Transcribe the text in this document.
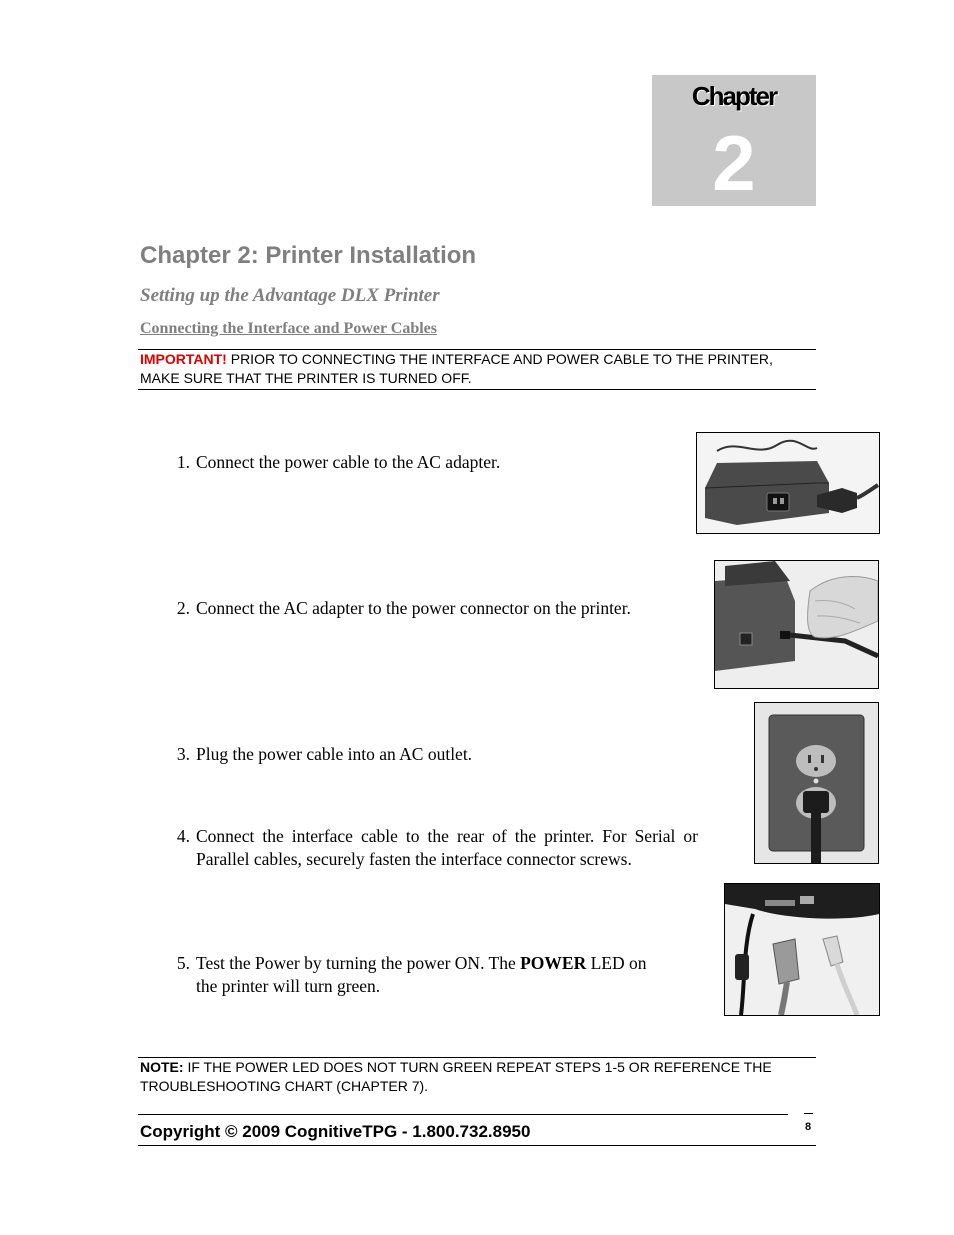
Chapter
2
Chapter 2: Printer Installation
Setting up the Advantage DLX Printer
Connecting the Interface and Power Cables
IMPORTANT! PRIOR TO CONNECTING THE INTERFACE AND POWER CABLE TO THE PRINTER, MAKE SURE THAT THE PRINTER IS TURNED OFF.
1. Connect the power cable to the AC adapter.
2. Connect the AC adapter to the power connector on the printer.
3. Plug the power cable into an AC outlet.
4. Connect the interface cable to the rear of the printer. For Serial or Parallel cables, securely fasten the interface connector screws.
5. Test the Power by turning the power ON. The POWER LED on the printer will turn green.
NOTE: IF THE POWER LED DOES NOT TURN GREEN REPEAT STEPS 1-5 OR REFERENCE THE TROUBLESHOOTING CHART (CHAPTER 7).
8
Copyright © 2009 CognitiveTPG - 1.800.732.8950
